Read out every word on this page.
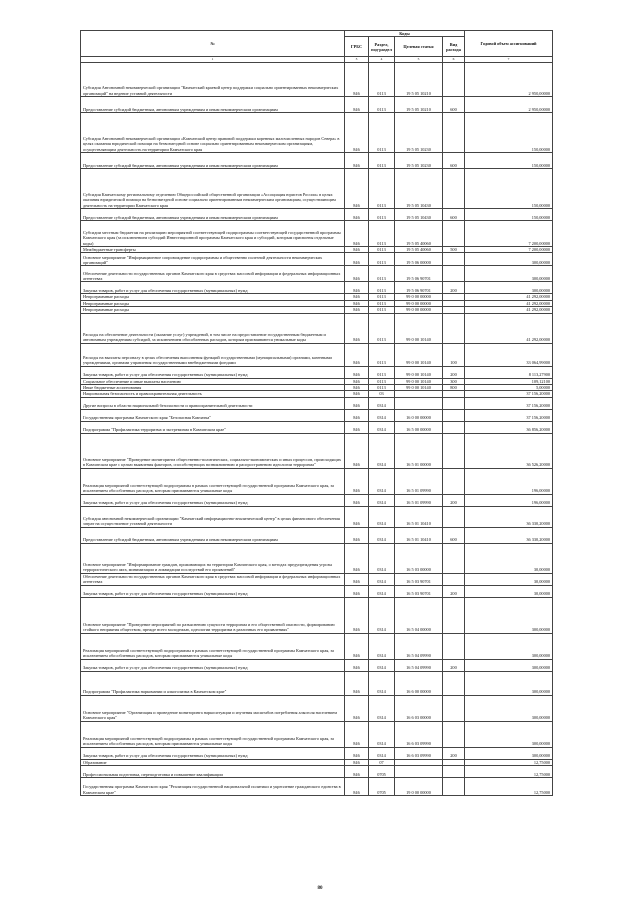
№	Коды				Годовой объем ассигнований
	ГРБС	Раздел, под-раздел	Целевая статья	Вид расхода	
1	3	4	5	6	7
Субсидия Автономной некоммерческой организации "Камчатский краевой центр поддержки социально ориентированных некоммерческих организаций" на ведение уставной деятельности	846	0113	19 5 05 10210		2 950,00000
Предоставление субсидий бюджетным, автономным учреждениям и иным некоммерческим организациям	846	0113	19 5 05 10210	600	2 950,00000
Субсидия Автономной некоммерческой организации «Камчатский центр правовой поддержки коренных малочисленных народов Севера» в целях оказания юридической помощи на безвозмездной основе социально ориентированным некоммерческим организациям, осуществляющим деятельность на территории Камчатского края	846	0113	19 5 05 10230		150,00000
Предоставление субсидий бюджетным, автономным учреждениям и иным некоммерческим организациям	846	0113	19 5 05 10230	600	150,00000
Субсидия Камчатскому региональному отделению Общероссийской общественной организации «Ассоциация юристов России» в целях оказания юридической помощи на безвозмездной основе социально ориентированным некоммерческим организациям, осуществляющим деятельность на территории Камчатского края	846	0113	19 5 05 10430		150,00000
Предоставление субсидий бюджетным, автономным учреждениям и иным некоммерческим организациям	846	0113	19 5 05 10430	600	150,00000
Субсидии местным бюджетам на реализацию мероприятий соответствующей подпрограммы соответствующей государственной программы Камчатского края (за исключением субсидий Инвестиционной программы Камчатского края и субсидий, которым присвоены отдельные коды)	846	0113	19 5 05 40060		7 200,00000
Межбюджетные трансферты	846	0113	19 5 05 40060	500	7 200,00000
Основное мероприятие "Информационное сопровождение подпрограммы и общественно полезной деятельности некоммерческих организаций"	846	0113	19 5 06 00000		300,00000
Обеспечение деятельности государственных органов Камчатского края в средствах массовой информации и федеральных информационных агентствах	846	0113	19 5 06 90701		300,00000
Закупка товаров, работ и услуг для обеспечения государственных (муниципальных) нужд	846	0113	19 5 06 90701	200	300,00000
Непрограммные расходы	846	0113	99 0 00 00000		41 292,00000
Непрограммные расходы	846	0113	99 0 00 00000		41 292,00000
Непрограммные расходы	846	0113	99 0 00 00000		41 292,00000
Расходы на обеспечение деятельности (оказание услуг) учреждений, в том числе на предоставление государственным бюджетным и автономным учреждениям субсидий, за исключением обособленных расходов, которым присваиваются уникальные коды	846	0113	99 0 00 10140		41 292,00000
Расходы на выплаты персоналу в целях обеспечения выполнения функций государственными (муниципальными) органами, казенными учреждениями, органами управления государственными внебюджетными фондами	846	0113	99 0 00 10140	100	33 064,99000
Закупка товаров, работ и услуг для обеспечения государственных (муниципальных) нужд	846	0113	99 0 00 10140	200	8 113,27900
Социальное обеспечение и иные выплаты населению	846	0113	99 0 00 10140	300	109,12100
Иные бюджетные ассигнования	846	0113	99 0 00 10140	800	5,00000
Национальная безопасность и правоохранительная деятельность	846	03			37 156,20000
Другие вопросы в области национальной безопасности и правоохранительной деятельности	846	0314			37 156,20000
Государственная программа Камчатского края "Безопасная Камчатка"	846	0314	16 0 00 00000		37 156,20000
Подпрограмма "Профилактика терроризма и экстремизма в Камчатском крае"	846	0314	16 5 00 00000		36 856,20000
Основное мероприятие "Проведение мониторинга общественно-политических, социально-экономических и иных процессов, происходящих в Камчатском крае с целью выявления факторов, способствующих возникновению и распространению идеологии терроризма"	846	0314	16 5 01 00000		36 526,20000
Реализация мероприятий соответствующей подпрограммы в рамках соответствующей государственной программы Камчатского края, за исключением обособленных расходов, которым присваиваются уникальные коды	846	0314	16 5 01 09990		196,00000
Закупка товаров, работ и услуг для обеспечения государственных (муниципальных) нужд	846	0314	16 5 01 09990	200	196,00000
Субсидия автономной некоммерческой организации "Камчатский информационно-аналитический центр" в целях финансового обеспечения затрат на осуществление уставной деятельности	846	0314	16 5 01 10410		36 330,20000
Предоставление субсидий бюджетным, автономным учреждениям и иным некоммерческим организациям	846	0314	16 5 01 10410	600	36 330,20000
Основное мероприятие "Информирование граждан, проживающих на территории Камчатского края, о методах предупреждения угрозы террористического акта, минимизации и ликвидации последствий его проявлений"	846	0314	16 5 03 00000		30,00000
Обеспечение деятельности государственных органов Камчатского края в средствах массовой информации и федеральных информационных агентствах	846	0314	16 5 03 90701		30,00000
Закупка товаров, работ и услуг для обеспечения государственных (муниципальных) нужд	846	0314	16 5 03 90701	200	30,00000
Основное мероприятие "Проведение мероприятий по разъяснению сущности терроризма и его общественной опасности, формированию стойкого неприятия обществом, прежде всего молодежью, идеологии терроризма в различных его проявлениях"	846	0314	16 5 04 00000		300,00000
Реализация мероприятий соответствующей подпрограммы в рамках соответствующей государственной программы Камчатского края, за исключением обособленных расходов, которым присваиваются уникальные коды	846	0314	16 5 04 09990		300,00000
Закупка товаров, работ и услуг для обеспечения государственных (муниципальных) нужд	846	0314	16 5 04 09990	200	300,00000
Подпрограмма "Профилактика наркомании и алкоголизма в Камчатском крае"	846	0314	16 6 00 00000		300,00000
Основное мероприятие "Организация и проведение мониторинга наркоситуации и изучения масштабов потребления алкоголя населением Камчатского края"	846	0314	16 6 03 00000		300,00000
Реализация мероприятий соответствующей подпрограммы в рамках соответствующей государственной программы Камчатского края, за исключением обособленных расходов, которым присваиваются уникальные коды	846	0314	16 6 03 09990		300,00000
Закупка товаров, работ и услуг для обеспечения государственных (муниципальных) нужд	846	0314	16 6 03 09990	200	300,00000
Образование	846	07			12,75000
Профессиональная подготовка, переподготовка и повышение квалификации	846	0705			12,75000
Государственная программа Камчатского края "Реализация государственной национальной политики и укрепление гражданского единства в Камчатском крае"	846	0705	19 0 00 00000		12,75000
80
